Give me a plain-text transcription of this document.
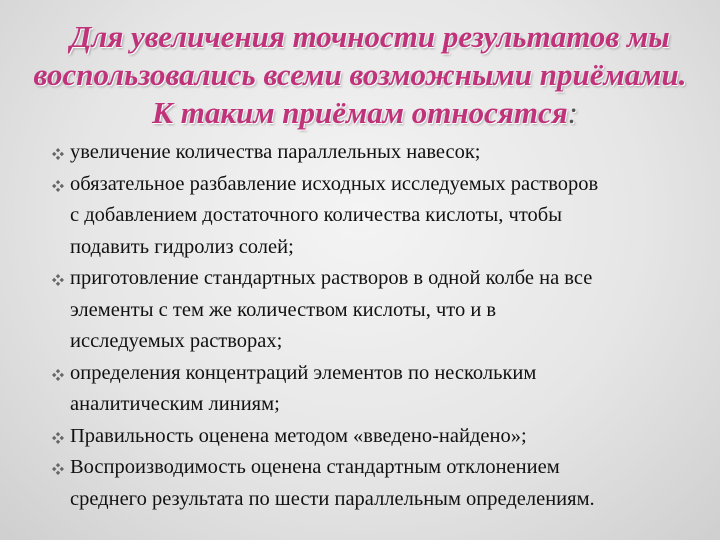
Для увеличения точности результатов мы
воспользовались всеми возможными приёмами.
К таким приёмам относятся:
увеличение количества параллельных навесок;
обязательное разбавление исходных исследуемых растворов
с добавлением достаточного количества кислоты, чтобы
подавить гидролиз солей;
приготовление стандартных растворов в одной колбе на все
элементы с тем же количеством кислоты, что и в
исследуемых растворах;
определения концентраций элементов по нескольким
аналитическим линиям;
Правильность оценена методом «введено-найдено»;
Воспроизводимость оценена стандартным отклонением
среднего результата по шести параллельным определениям.
